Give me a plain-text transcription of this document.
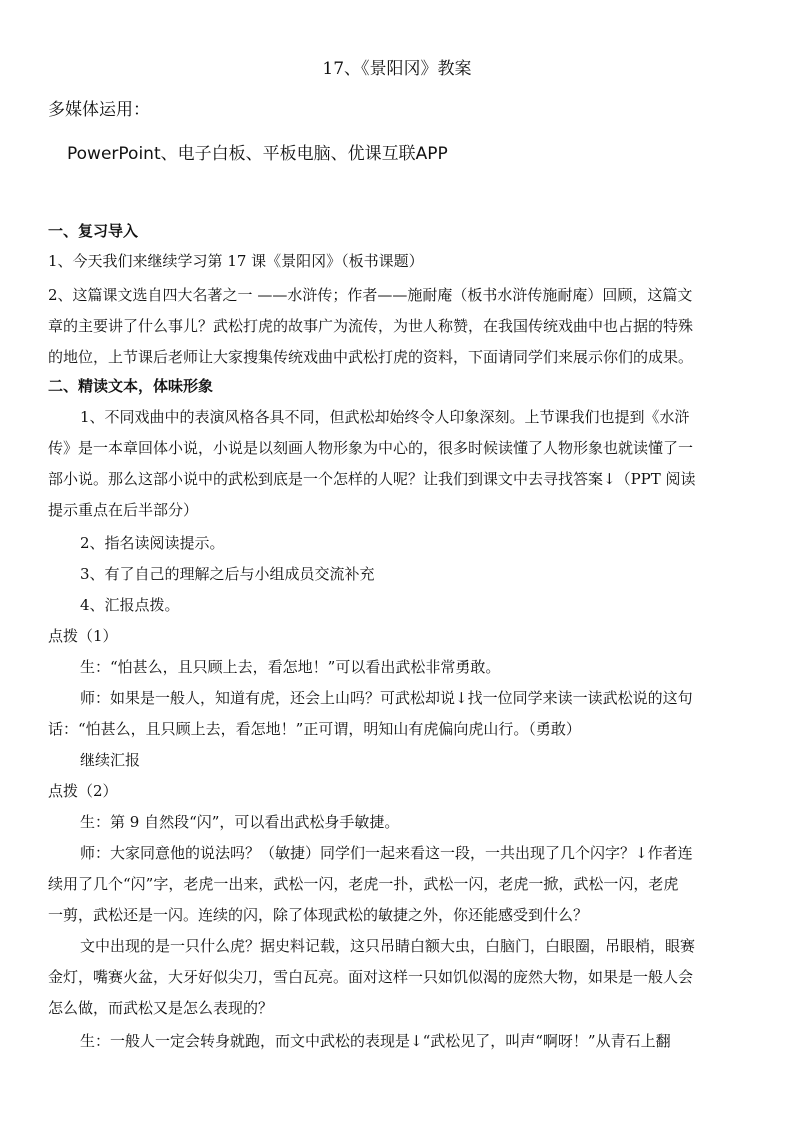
17、《景阳冈》教案
多媒体运用：
PowerPoint、电子白板、平板电脑、优课互联APP
一、复习导入
1、今天我们来继续学习第 17 课《景阳冈》（板书课题）
2、这篇课文选自四大名著之一 ——水浒传；作者——施耐庵（板书水浒传施耐庵）回顾，这篇文
章的主要讲了什么事儿？武松打虎的故事广为流传，为世人称赞，在我国传统戏曲中也占据的特殊
的地位，上节课后老师让大家搜集传统戏曲中武松打虎的资料，下面请同学们来展示你们的成果。
二、精读文本，体味形象
1、不同戏曲中的表演风格各具不同，但武松却始终令人印象深刻。上节课我们也提到《水浒
传》是一本章回体小说，小说是以刻画人物形象为中心的，很多时候读懂了人物形象也就读懂了一
部小说。那么这部小说中的武松到底是一个怎样的人呢？让我们到课文中去寻找答案↓（PPT 阅读
提示重点在后半部分）
2、指名读阅读提示。
3、有了自己的理解之后与小组成员交流补充
4、汇报点拨。
点拨（1）
生：“怕甚么，且只顾上去，看怎地！”可以看出武松非常勇敢。
师：如果是一般人，知道有虎，还会上山吗？可武松却说↓找一位同学来读一读武松说的这句
话：“怕甚么，且只顾上去，看怎地！”正可谓，明知山有虎偏向虎山行。（勇敢）
继续汇报
点拨（2）
生：第 9 自然段“闪”，可以看出武松身手敏捷。
师：大家同意他的说法吗？（敏捷）同学们一起来看这一段，一共出现了几个闪字？↓作者连
续用了几个“闪”字，老虎一出来，武松一闪，老虎一扑，武松一闪，老虎一掀，武松一闪，老虎
一剪，武松还是一闪。连续的闪，除了体现武松的敏捷之外，你还能感受到什么？
文中出现的是一只什么虎？据史料记载，这只吊睛白额大虫，白脑门，白眼圈，吊眼梢，眼赛
金灯，嘴赛火盆，大牙好似尖刀，雪白瓦亮。面对这样一只如饥似渴的庞然大物，如果是一般人会
怎么做，而武松又是怎么表现的？
生：一般人一定会转身就跑，而文中武松的表现是↓“武松见了，叫声“啊呀！”从青石上翻
